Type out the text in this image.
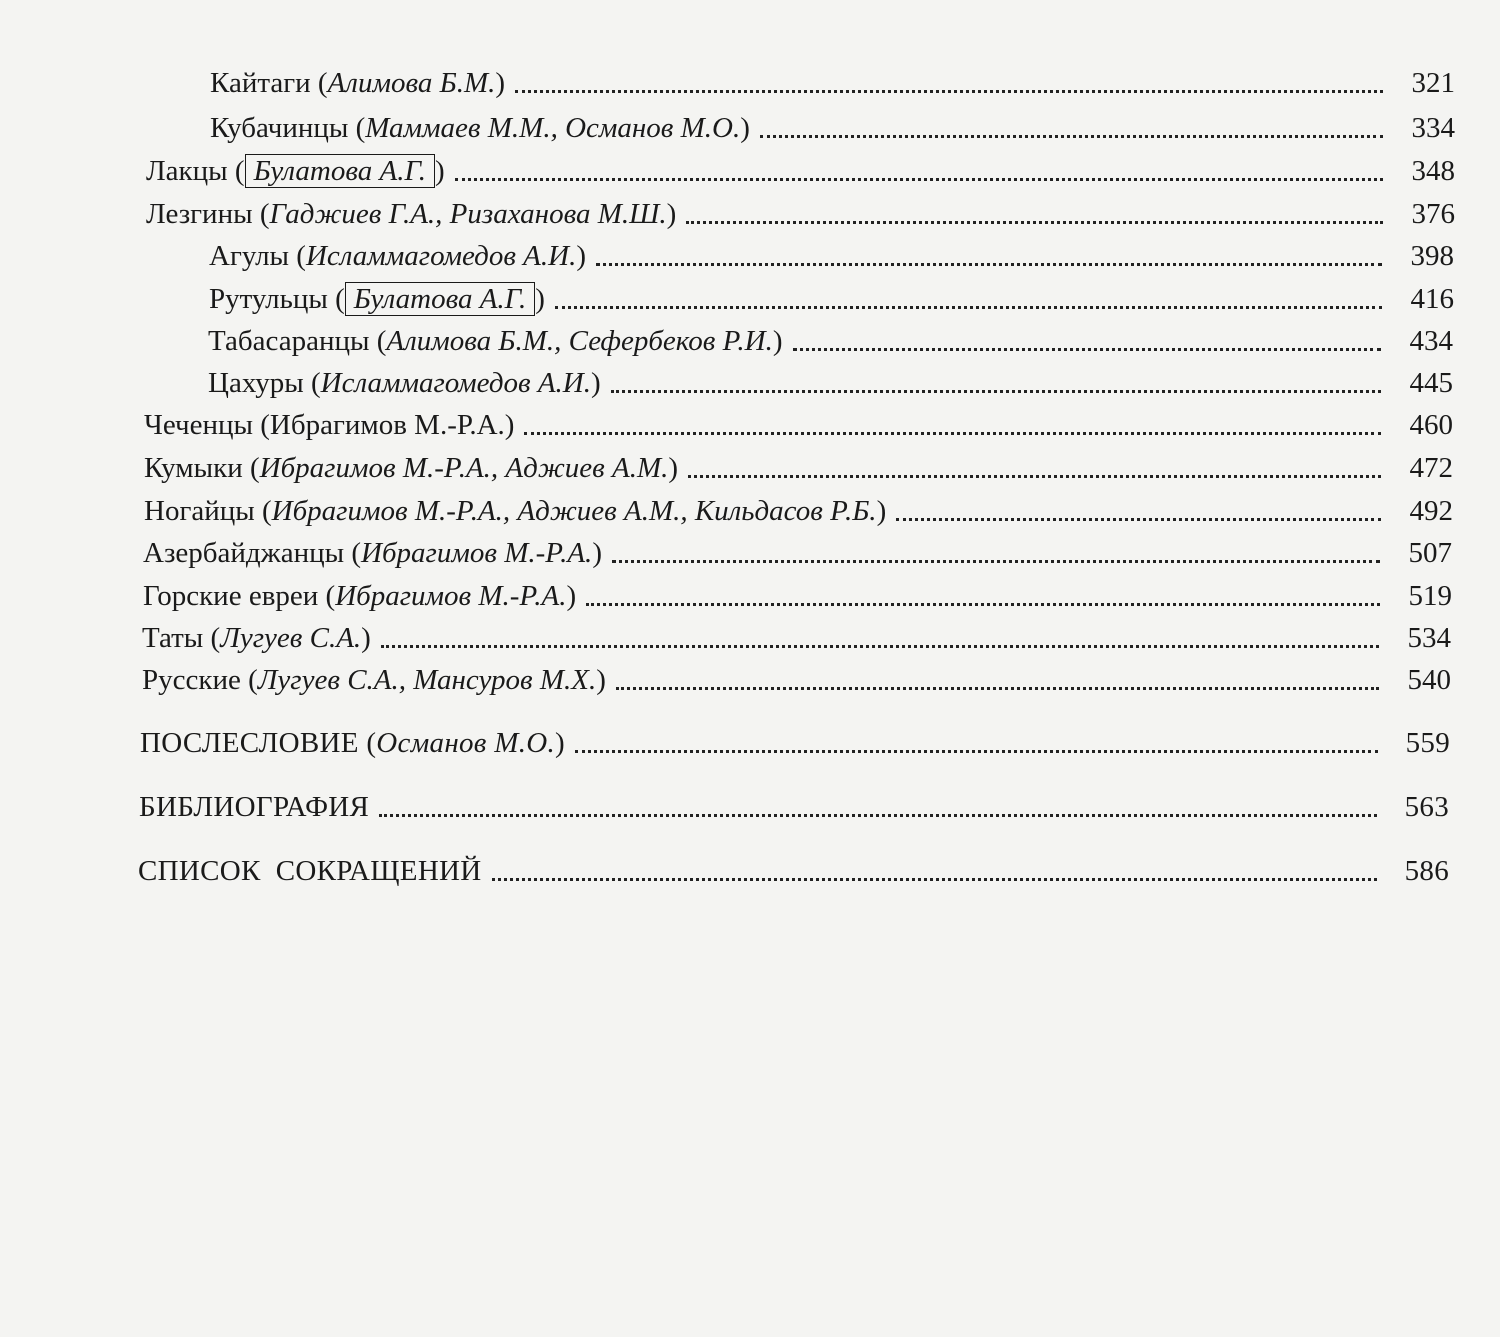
Кайтаги (Алимова Б.М.)	321
Кубачинцы (Маммаев М.М., Османов М.О.)	334
Лакцы ( Булатова А.Г. )	348
Лезгины (Гаджиев Г.А., Ризаханова М.Ш.)	376
Агулы (Исламмагомедов А.И.)	398
Рутульцы ( Булатова А.Г. )	416
Табасаранцы (Алимова Б.М., Сефербеков Р.И.)	434
Цахуры (Исламмагомедов А.И.)	445
Чеченцы (Ибрагимов М.-Р.А.)	460
Кумыки (Ибрагимов М.-Р.А., Аджиев А.М.)	472
Ногайцы (Ибрагимов М.-Р.А., Аджиев А.М., Кильдасов Р.Б.)	492
Азербайджанцы (Ибрагимов М.-Р.А.)	507
Горские евреи (Ибрагимов М.-Р.А.)	519
Таты (Лугуев С.А.)	534
Русские (Лугуев С.А., Мансуров М.Х.)	540
ПОСЛЕСЛОВИЕ (Османов М.О.)	559
БИБЛИОГРАФИЯ	563
СПИСОК  СОКРАЩЕНИЙ	586
